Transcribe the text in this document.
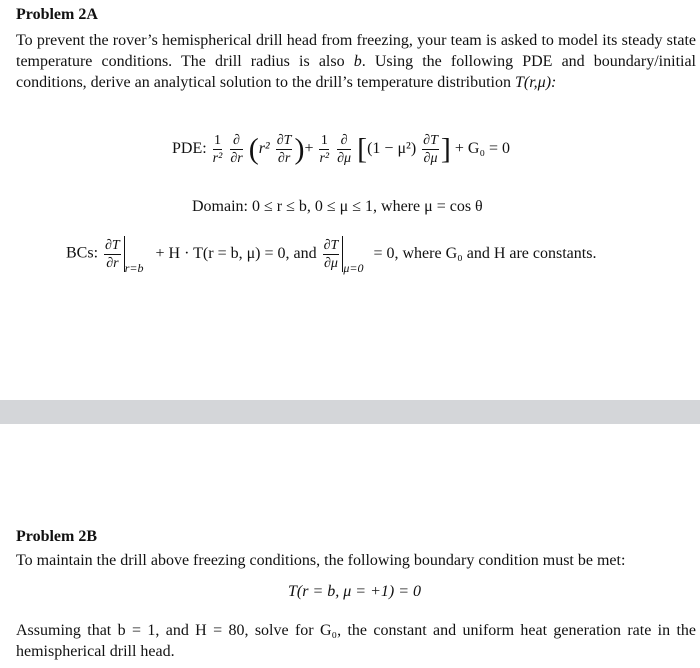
Problem 2A
To prevent the rover’s hemispherical drill head from freezing, your team is asked to model its steady state temperature conditions. The drill radius is also b. Using the following PDE and boundary/initial conditions, derive an analytical solution to the drill’s temperature distribution T(r,μ):
PDE: $\frac{1}{\text{r²}}$
$\frac{\partial}{\partial r} (r^2 \frac{\partial T}{\partial r}$ )+ $\frac{1}{\text{r²}}$
$\frac{\partial}{\partial\mu} [(1 - \mu^2) \frac{\partial T}{\partial\mu}$ ] + G₀ = 0
Domain: 0 ≤ r ≤ b, 0 ≤ μ ≤ 1, where μ = cos θ
BCs: $\frac{\partial T}{\partial r} _{r=b} + H \cdot T(r = b$, μ) = 0, and $\frac{\partial T}{\partial\mu} _{\mu=0} = 0$, where G₀ and H are constants.
Problem 2B
To maintain the drill above freezing conditions, the following boundary condition must be met:
T(r = b, μ = +1) = 0
Assuming that b = 1, and H = 80, solve for G₀, the constant and uniform heat generation rate in the hemispherical drill head.
